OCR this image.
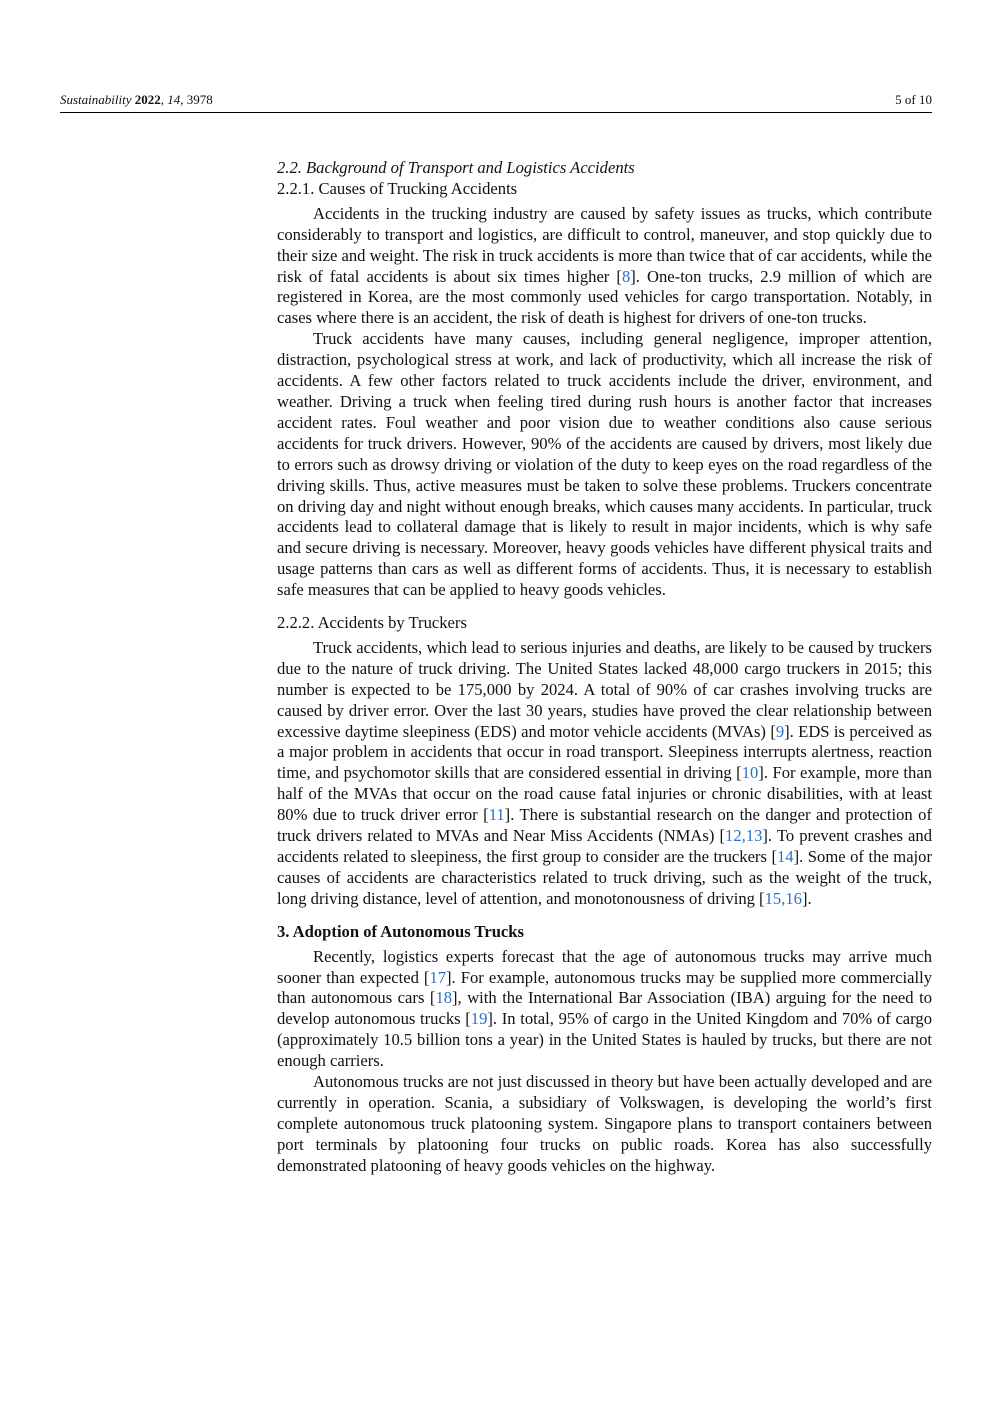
Sustainability 2022, 14, 3978	5 of 10
2.2. Background of Transport and Logistics Accidents
2.2.1. Causes of Trucking Accidents

Accidents in the trucking industry are caused by safety issues as trucks, which contribute considerably to transport and logistics, are difficult to control, maneuver, and stop quickly due to their size and weight. The risk in truck accidents is more than twice that of car accidents, while the risk of fatal accidents is about six times higher [8]. One-ton trucks, 2.9 million of which are registered in Korea, are the most commonly used vehicles for cargo transportation. Notably, in cases where there is an accident, the risk of death is highest for drivers of one-ton trucks.

Truck accidents have many causes, including general negligence, improper attention, distraction, psychological stress at work, and lack of productivity, which all increase the risk of accidents. A few other factors related to truck accidents include the driver, environment, and weather. Driving a truck when feeling tired during rush hours is another factor that increases accident rates. Foul weather and poor vision due to weather conditions also cause serious accidents for truck drivers. However, 90% of the accidents are caused by drivers, most likely due to errors such as drowsy driving or violation of the duty to keep eyes on the road regardless of the driving skills. Thus, active measures must be taken to solve these problems. Truckers concentrate on driving day and night without enough breaks, which causes many accidents. In particular, truck accidents lead to collateral damage that is likely to result in major incidents, which is why safe and secure driving is necessary. Moreover, heavy goods vehicles have different physical traits and usage patterns than cars as well as different forms of accidents. Thus, it is necessary to establish safe measures that can be applied to heavy goods vehicles.

2.2.2. Accidents by Truckers

Truck accidents, which lead to serious injuries and deaths, are likely to be caused by truckers due to the nature of truck driving. The United States lacked 48,000 cargo truckers in 2015; this number is expected to be 175,000 by 2024. A total of 90% of car crashes involving trucks are caused by driver error. Over the last 30 years, studies have proved the clear relationship between excessive daytime sleepiness (EDS) and motor vehicle accidents (MVAs) [9]. EDS is perceived as a major problem in accidents that occur in road transport. Sleepiness interrupts alertness, reaction time, and psychomotor skills that are considered essential in driving [10]. For example, more than half of the MVAs that occur on the road cause fatal injuries or chronic disabilities, with at least 80% due to truck driver error [11]. There is substantial research on the danger and protection of truck drivers related to MVAs and Near Miss Accidents (NMAs) [12,13]. To prevent crashes and accidents related to sleepiness, the first group to consider are the truckers [14]. Some of the major causes of accidents are characteristics related to truck driving, such as the weight of the truck, long driving distance, level of attention, and monotonousness of driving [15,16].

3. Adoption of Autonomous Trucks

Recently, logistics experts forecast that the age of autonomous trucks may arrive much sooner than expected [17]. For example, autonomous trucks may be supplied more commercially than autonomous cars [18], with the International Bar Association (IBA) arguing for the need to develop autonomous trucks [19]. In total, 95% of cargo in the United Kingdom and 70% of cargo (approximately 10.5 billion tons a year) in the United States is hauled by trucks, but there are not enough carriers.

Autonomous trucks are not just discussed in theory but have been actually developed and are currently in operation. Scania, a subsidiary of Volkswagen, is developing the world’s first complete autonomous truck platooning system. Singapore plans to transport containers between port terminals by platooning four trucks on public roads. Korea has also successfully demonstrated platooning of heavy goods vehicles on the highway.
